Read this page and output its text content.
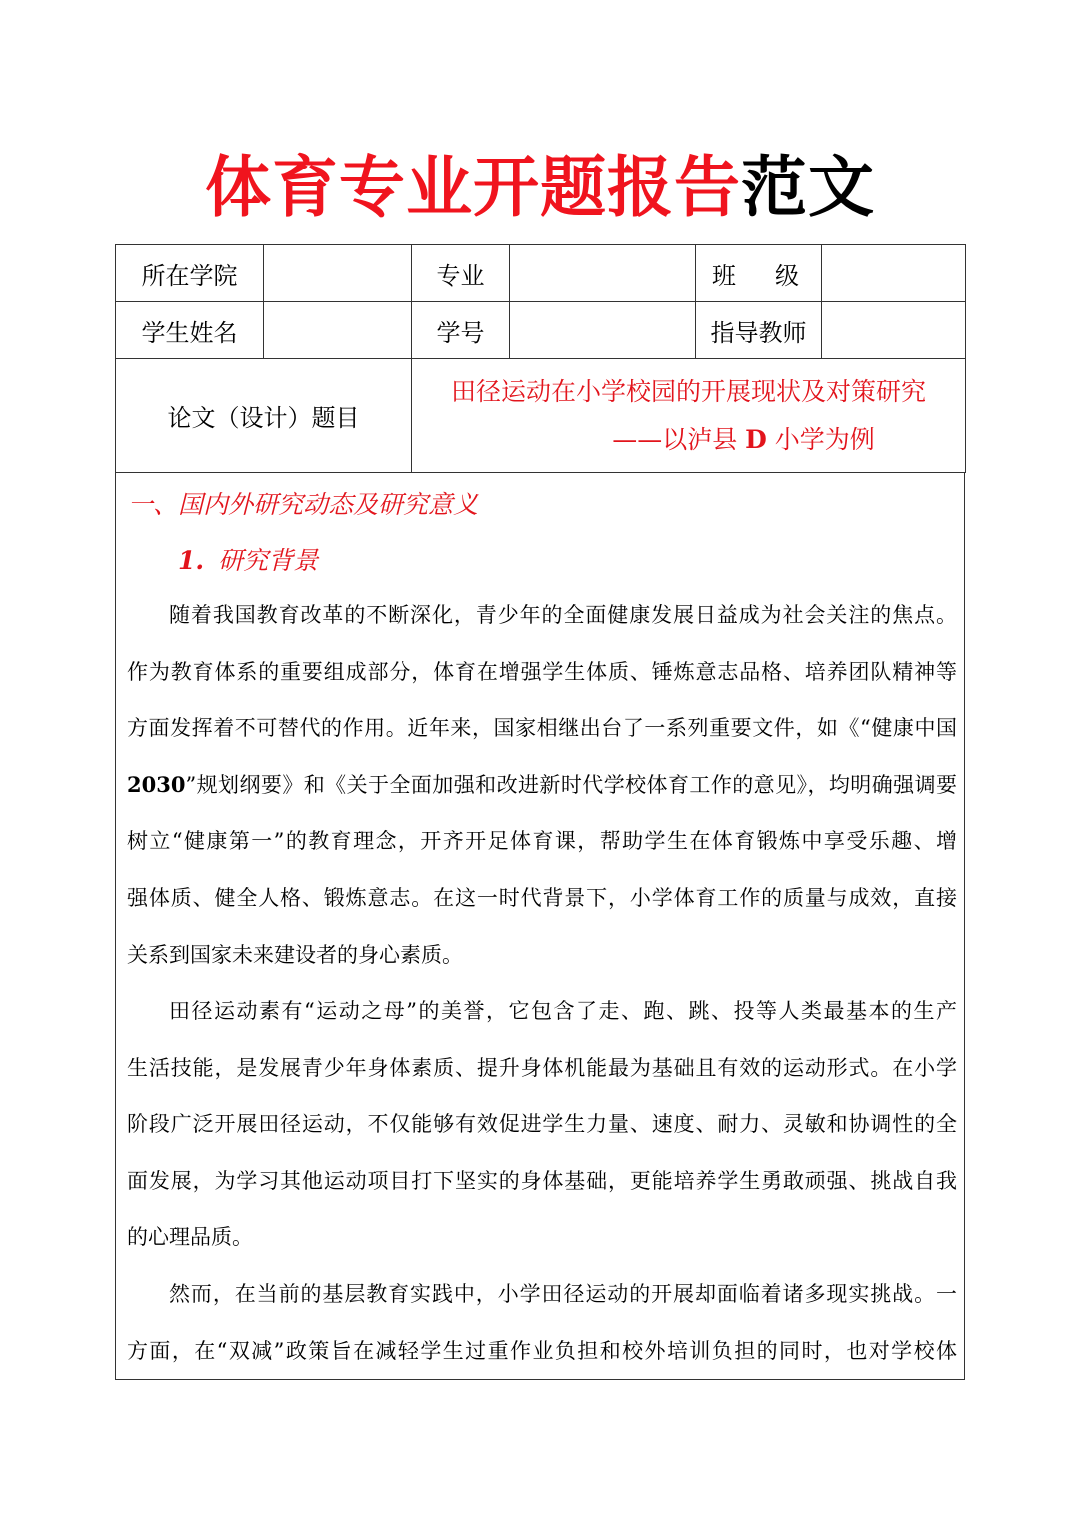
体育专业开题报告范文
所在学院		专业		班 级	

学生姓名		学号		指导教师	
论文（设计）题目		田径运动在小学校园的开展现状及对策研究
——以泸县 D 小学为例			
一、国内外研究动态及研究意义
1. 研究背景
随着我国教育改革的不断深化，青少年的全面健康发展日益成为社会关注的焦点。
作为教育体系的重要组成部分，体育在增强学生体质、锤炼意志品格、培养团队精神等
方面发挥着不可替代的作用。近年来，国家相继出台了一系列重要文件，如《“健康中国
2030”规划纲要》和《关于全面加强和改进新时代学校体育工作的意见》，均明确强调要
树立“健康第一”的教育理念，开齐开足体育课，帮助学生在体育锻炼中享受乐趣、增
强体质、健全人格、锻炼意志。在这一时代背景下，小学体育工作的质量与成效，直接
关系到国家未来建设者的身心素质。
田径运动素有“运动之母”的美誉，它包含了走、跑、跳、投等人类最基本的生产
生活技能，是发展青少年身体素质、提升身体机能最为基础且有效的运动形式。在小学
阶段广泛开展田径运动，不仅能够有效促进学生力量、速度、耐力、灵敏和协调性的全
面发展，为学习其他运动项目打下坚实的身体基础，更能培养学生勇敢顽强、挑战自我
的心理品质。
然而，在当前的基层教育实践中，小学田径运动的开展却面临着诸多现实挑战。一
方面，在“双减”政策旨在减轻学生过重作业负担和校外培训负担的同时，也对学校体
